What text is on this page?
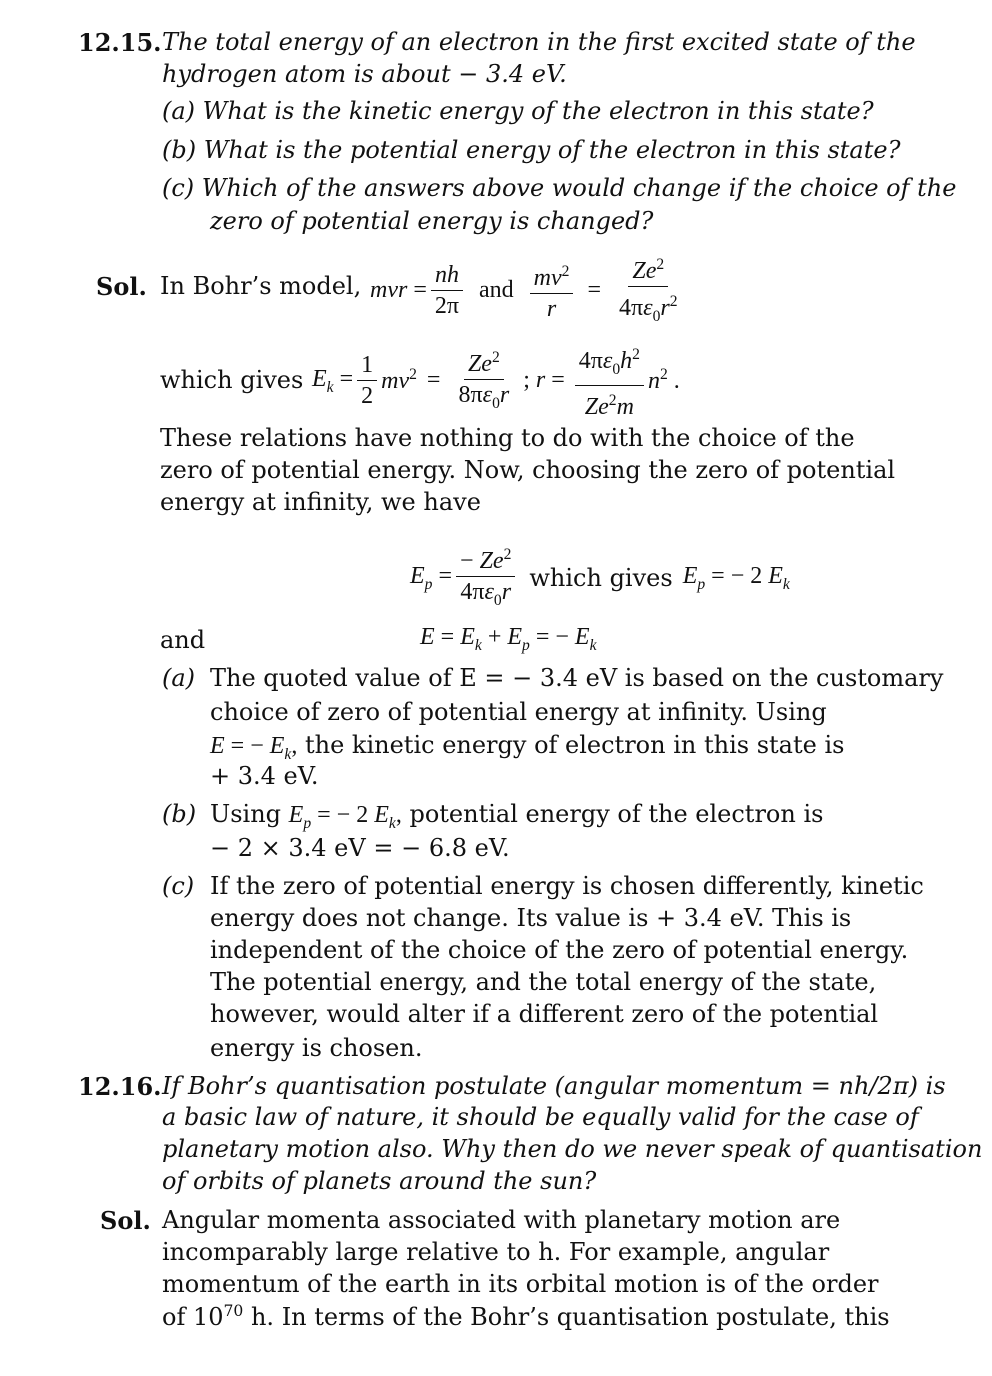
12.15. The total energy of an electron in the first excited state of the
hydrogen atom is about − 3.4 eV.
(a) What is the kinetic energy of the electron in this state?
(b) What is the potential energy of the electron in this state?
(c) Which of the answers above would change if the choice of the
zero of potential energy is changed?
Sol. In Bohr’s model, mvr = $\frac{nh}{2\pi}$ and $\frac{mv^2}{r} = \frac{Ze^2}{4\pi\varepsilon_0r^2}$
which gives $E_k = \frac{1}{2} mv^2 = \frac{Ze^2}{8\pi\varepsilon_0r}$ ; $r = \frac{4\pi\varepsilon_0h^2}{Ze^2m} n^2$ .
These relations have nothing to do with the choice of the
zero of potential energy. Now, choosing the zero of potential
energy at infinity, we have
$E_p = \frac{- Ze^2}{4\pi\varepsilon_0r}$ which gives $E_p$ = − 2 $E_k$
and	$E = E_k + E_p$ = − $E_k$
(a) The quoted value of E = − 3.4 eV is based on the customary
choice of zero of potential energy at infinity. Using
E = − $E_k$, the kinetic energy of electron in this state is
+ 3.4 eV.
(b) Using $E_p$ = − 2 $E_k$, potential energy of the electron is
− 2 × 3.4 eV = − 6.8 eV.
(c) If the zero of potential energy is chosen differently, kinetic
energy does not change. Its value is + 3.4 eV. This is
independent of the choice of the zero of potential energy.
The potential energy, and the total energy of the state,
however, would alter if a different zero of the potential
energy is chosen.
12.16. If Bohr’s quantisation postulate (angular momentum = nh/2π) is
a basic law of nature, it should be equally valid for the case of
planetary motion also. Why then do we never speak of quantisation
of orbits of planets around the sun?
Sol. Angular momenta associated with planetary motion are
incomparably large relative to h. For example, angular
momentum of the earth in its orbital motion is of the order
of $10^{70}$ h. In terms of the Bohr’s quantisation postulate, this
